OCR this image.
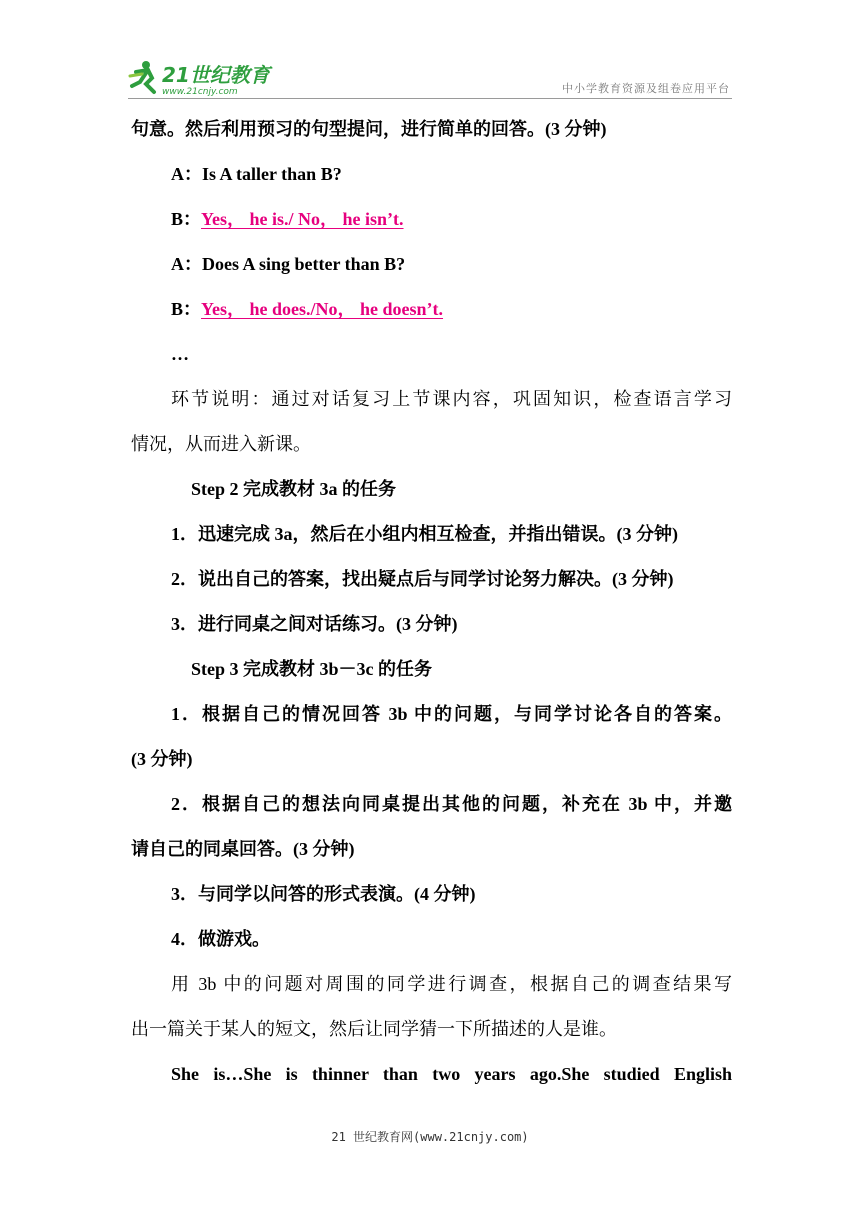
21世纪教育
www.21cnjy.com	中小学教育资源及组卷应用平台
句意。然后利用预习的句型提问，进行简单的回答。(3 分钟)
A：Is A taller than B?
B：Yes， he is./ No， he isn’t.
A：Does A sing better than B?
B：Yes， he does./No， he doesn’t.
…
环节说明：通过对话复习上节课内容，巩固知识，检查语言学习
情况，从而进入新课。
Step 2 完成教材 3a 的任务
1．迅速完成 3a，然后在小组内相互检查，并指出错误。(3 分钟)
2．说出自己的答案，找出疑点后与同学讨论努力解决。(3 分钟)
3．进行同桌之间对话练习。(3 分钟)
Step 3 完成教材 3b－3c 的任务
1．根据自己的情况回答 3b 中的问题，与同学讨论各自的答案。
(3 分钟)
2．根据自己的想法向同桌提出其他的问题，补充在 3b 中，并邀
请自己的同桌回答。(3 分钟)
3．与同学以问答的形式表演。(4 分钟)
4．做游戏。
用 3b 中的问题对周围的同学进行调查，根据自己的调查结果写
出一篇关于某人的短文，然后让同学猜一下所描述的人是谁。
She is…She is thinner than two years ago.She studied English
21 世纪教育网(www.21cnjy.com)
